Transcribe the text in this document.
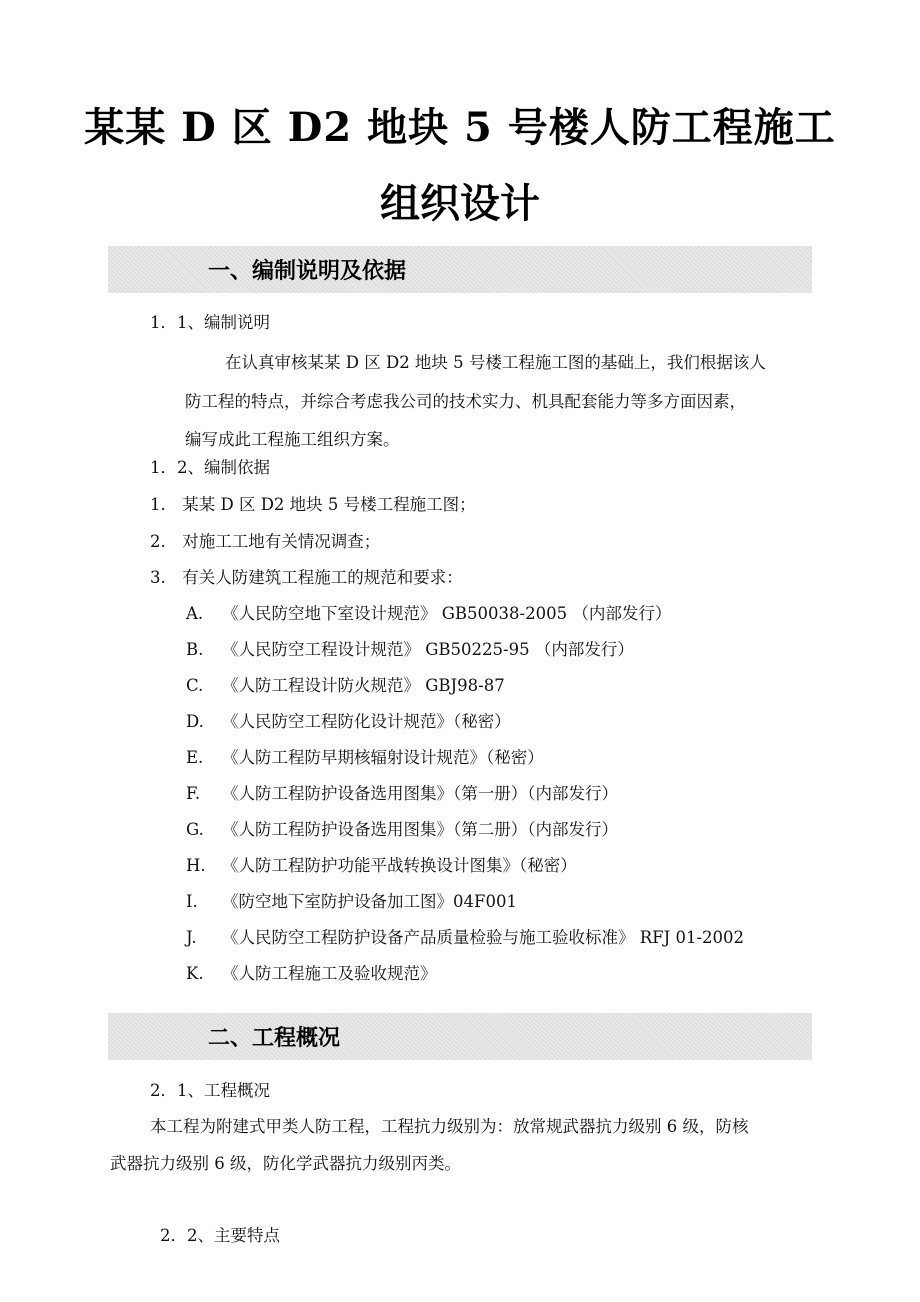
某某 D 区 D2 地块 5 号楼人防工程施工
组织设计
一、编制说明及依据
1．1、编制说明
在认真审核某某 D 区 D2 地块 5 号楼工程施工图的基础上，我们根据该人
防工程的特点，并综合考虑我公司的技术实力、机具配套能力等多方面因素，
编写成此工程施工组织方案。
1．2、编制依据
1.　某某 D 区 D2 地块 5 号楼工程施工图；
2.　对施工工地有关情况调查；
3.　有关人防建筑工程施工的规范和要求：
A. 《人民防空地下室设计规范》 GB50038-2005 （内部发行）
B. 《人民防空工程设计规范》 GB50225-95 （内部发行）
C. 《人防工程设计防火规范》 GBJ98-87
D. 《人民防空工程防化设计规范》（秘密）
E. 《人防工程防早期核辐射设计规范》（秘密）
F. 《人防工程防护设备选用图集》（第一册）（内部发行）
G. 《人防工程防护设备选用图集》（第二册）（内部发行）
H. 《人防工程防护功能平战转换设计图集》（秘密）
I. 《防空地下室防护设备加工图》04F001
J. 《人民防空工程防护设备产品质量检验与施工验收标准》 RFJ 01-2002
K. 《人防工程施工及验收规范》
二、工程概况
2．1、工程概况
本工程为附建式甲类人防工程，工程抗力级别为：放常规武器抗力级别 6 级，防核
武器抗力级别 6 级，防化学武器抗力级别丙类。
2．2、主要特点
